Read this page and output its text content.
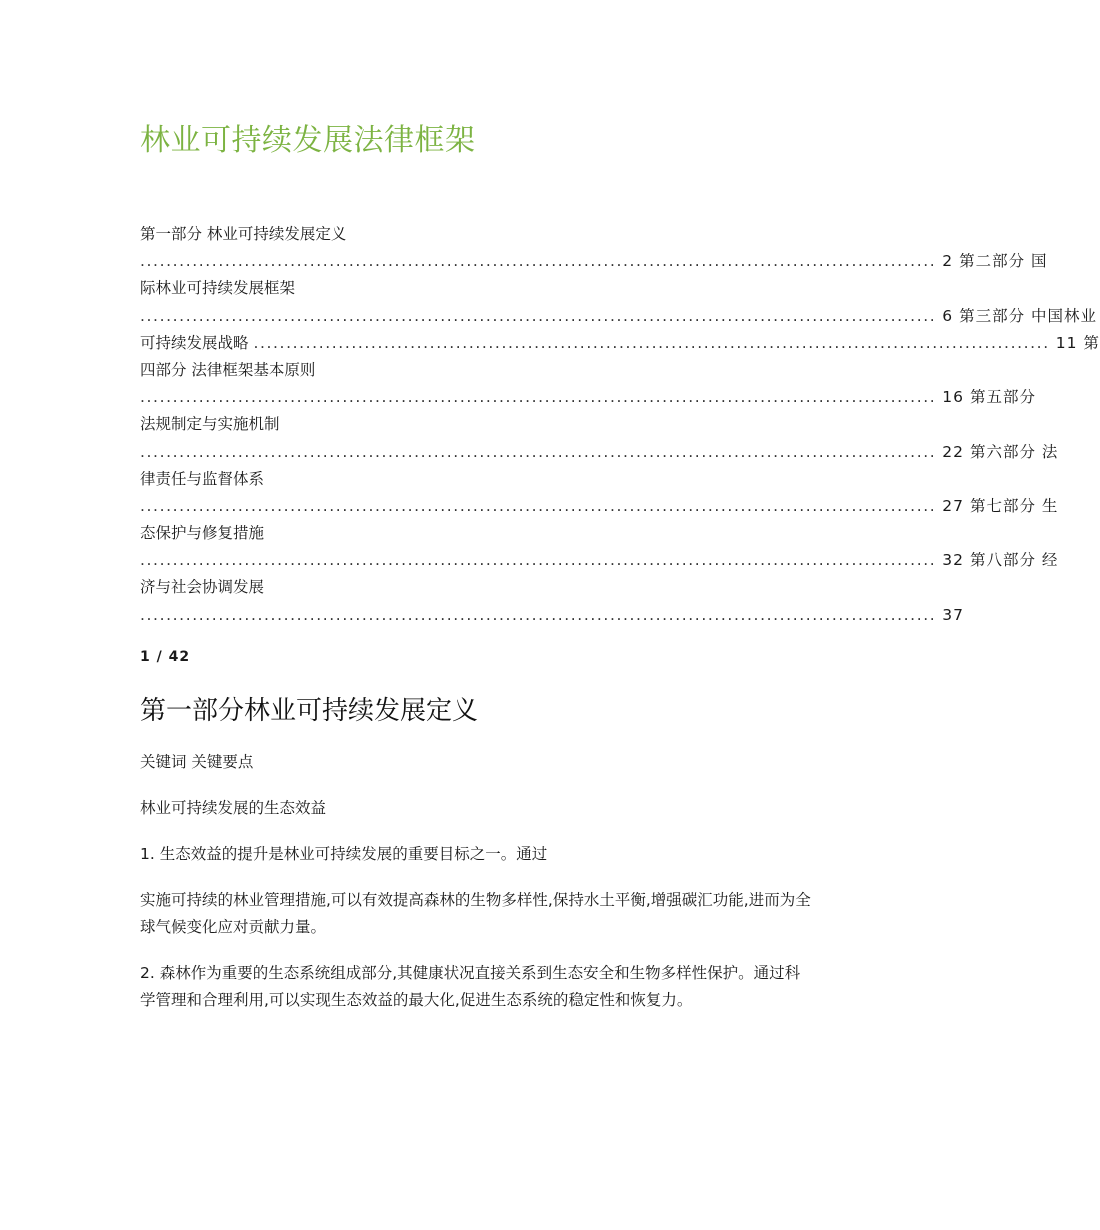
林业可持续发展法律框架
第一部分 林业可持续发展定义
.......................................................................................................................... 2 第二部分 国
际林业可持续发展框架
.......................................................................................................................... 6 第三部分 中国林业
可持续发展战略 .......................................................................................................................... 11 第
四部分 法律框架基本原则
.......................................................................................................................... 16 第五部分
法规制定与实施机制
.......................................................................................................................... 22 第六部分 法
律责任与监督体系
.......................................................................................................................... 27 第七部分 生
态保护与修复措施
.......................................................................................................................... 32 第八部分 经
济与社会协调发展
.......................................................................................................................... 37
1 / 42
第一部分林业可持续发展定义

关键词 关键要点

林业可持续发展的生态效益

1. 生态效益的提升是林业可持续发展的重要目标之一。通过

实施可持续的林业管理措施,可以有效提高森林的生物多样性,保持水土平衡,增强碳汇功能,进而为全球气候变化应对贡献力量。

2. 森林作为重要的生态系统组成部分,其健康状况直接关系到生态安全和生物多样性保护。通过科学管理和合理利用,可以实现生态效益的最大化,促进生态系统的稳定性和恢复力。
